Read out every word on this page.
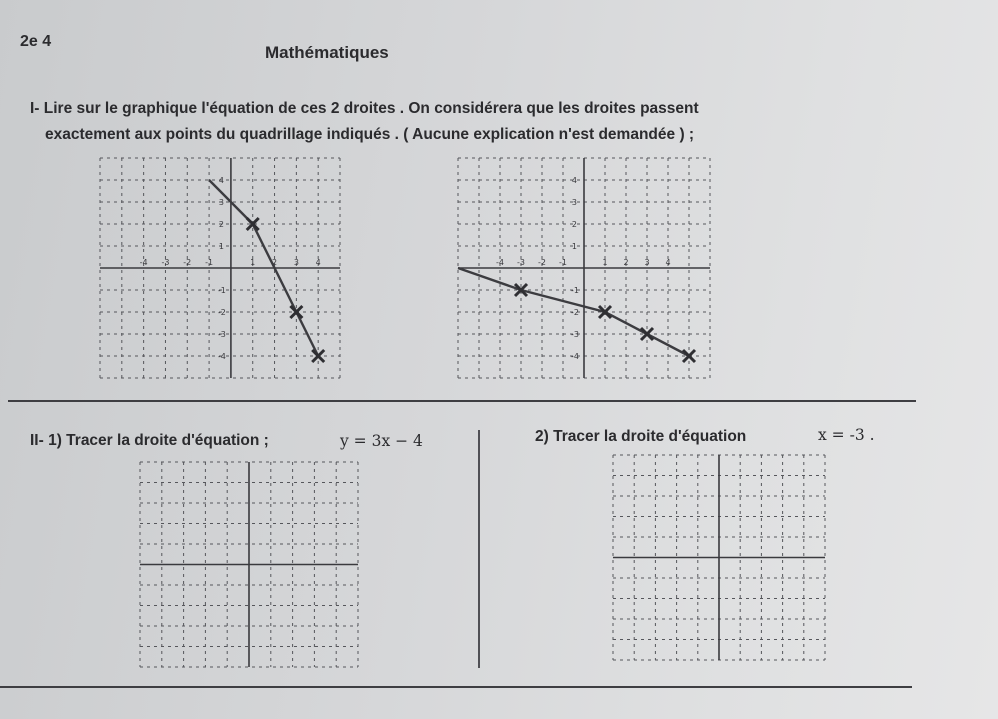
2e 4
Mathématiques
I- Lire sur le graphique l'équation de ces 2 droites . On considérera que les droites passent
exactement aux points du quadrillage indiqués . ( Aucune explication n'est demandée ) ;
4
3
2
1
-1
-2
-3
-4
-4 -3 -2 -1	1 2 3 4
4
3
2
1
-1
-2
-3
-4
-4 -3 -2 -1	1 2 3 4
II- 1) Tracer la droite d'équation ;	y = 3x − 4	2) Tracer la droite d'équation	x = -3 .
